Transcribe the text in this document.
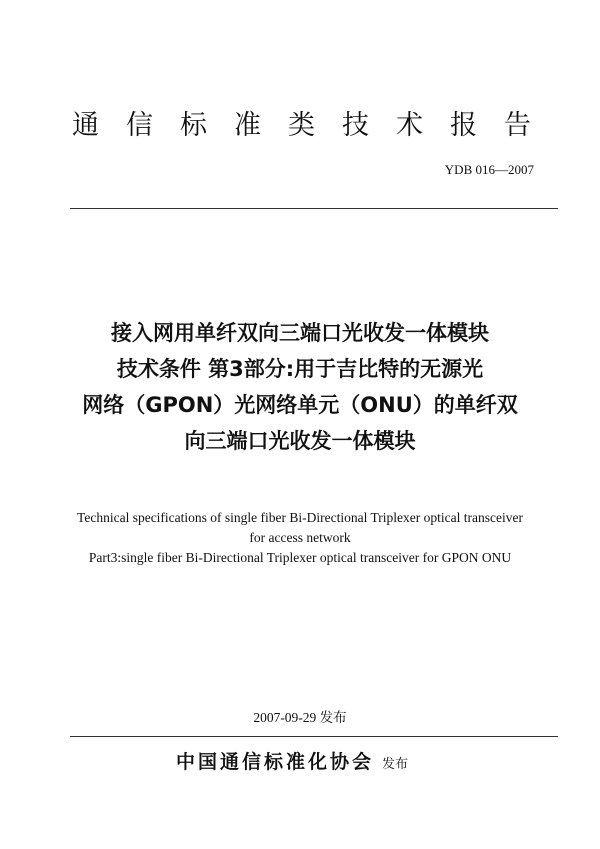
通信标准类技术报告
YDB 016—2007
接入网用单纤双向三端口光收发一体模块
技术条件 第3部分:用于吉比特的无源光
网络（GPON）光网络单元（ONU）的单纤双
向三端口光收发一体模块
Technical specifications of single fiber Bi-Directional Triplexer optical transceiver
for access network
Part3:single fiber Bi-Directional Triplexer optical transceiver for GPON ONU
2007-09-29 发布
中国通信标准化协会 发布
